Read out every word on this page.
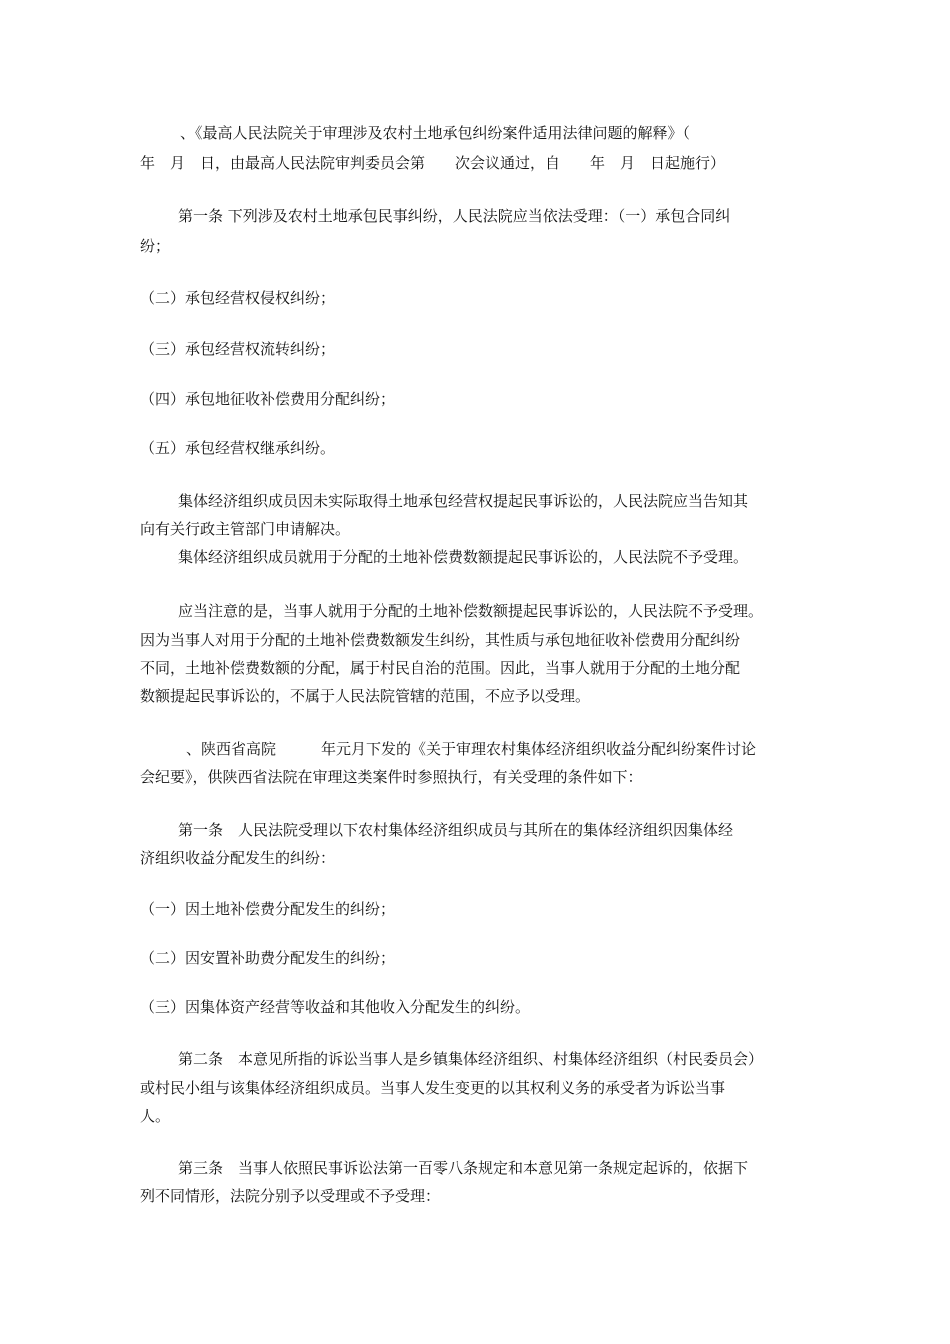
、《最高人民法院关于审理涉及农村土地承包纠纷案件适用法律问题的解释》（
年　月　日，由最高人民法院审判委员会第　　次会议通过，自　　年　月　日起施行）
第一条 下列涉及农村土地承包民事纠纷，人民法院应当依法受理：（一）承包合同纠
纷；
（二）承包经营权侵权纠纷；
（三）承包经营权流转纠纷；
（四）承包地征收补偿费用分配纠纷；
（五）承包经营权继承纠纷。
集体经济组织成员因未实际取得土地承包经营权提起民事诉讼的，人民法院应当告知其
向有关行政主管部门申请解决。
集体经济组织成员就用于分配的土地补偿费数额提起民事诉讼的，人民法院不予受理。
应当注意的是，当事人就用于分配的土地补偿数额提起民事诉讼的，人民法院不予受理。
因为当事人对用于分配的土地补偿费数额发生纠纷，其性质与承包地征收补偿费用分配纠纷
不同，土地补偿费数额的分配，属于村民自治的范围。因此，当事人就用于分配的土地分配
数额提起民事诉讼的，不属于人民法院管辖的范围，不应予以受理。
、陕西省高院　　　年元月下发的《关于审理农村集体经济组织收益分配纠纷案件讨论
会纪要》，供陕西省法院在审理这类案件时参照执行，有关受理的条件如下：
第一条　人民法院受理以下农村集体经济组织成员与其所在的集体经济组织因集体经
济组织收益分配发生的纠纷：
（一）因土地补偿费分配发生的纠纷；
（二）因安置补助费分配发生的纠纷；
（三）因集体资产经营等收益和其他收入分配发生的纠纷。
第二条　本意见所指的诉讼当事人是乡镇集体经济组织、村集体经济组织（村民委员会）
或村民小组与该集体经济组织成员。当事人发生变更的以其权利义务的承受者为诉讼当事
人。
第三条　当事人依照民事诉讼法第一百零八条规定和本意见第一条规定起诉的，依据下
列不同情形，法院分别予以受理或不予受理：
